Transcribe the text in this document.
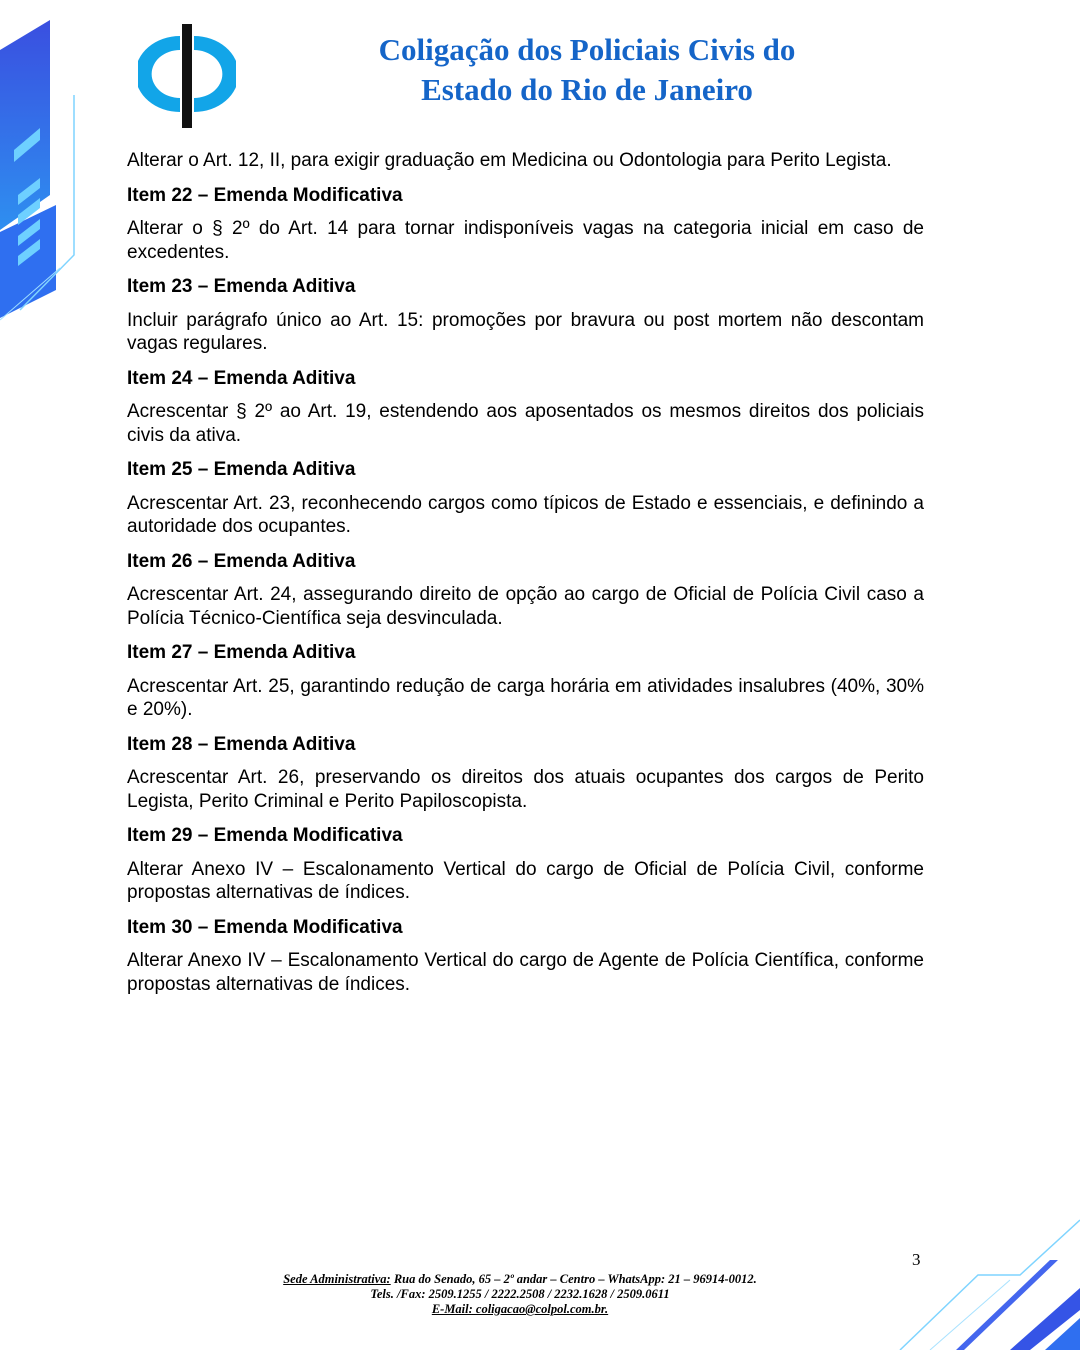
Coligação dos Policiais Civis do
Estado do Rio de Janeiro

Alterar o Art. 12, II, para exigir graduação em Medicina ou Odontologia para Perito Legista.

Item 22 – Emenda Modificativa

Alterar o § 2º do Art. 14 para tornar indisponíveis vagas na categoria inicial em caso de excedentes.

Item 23 – Emenda Aditiva

Incluir parágrafo único ao Art. 15: promoções por bravura ou post mortem não descontam vagas regulares.

Item 24 – Emenda Aditiva

Acrescentar § 2º ao Art. 19, estendendo aos aposentados os mesmos direitos dos policiais civis da ativa.

Item 25 – Emenda Aditiva

Acrescentar Art. 23, reconhecendo cargos como típicos de Estado e essenciais, e definindo a autoridade dos ocupantes.

Item 26 – Emenda Aditiva

Acrescentar Art. 24, assegurando direito de opção ao cargo de Oficial de Polícia Civil caso a Polícia Técnico-Científica seja desvinculada.

Item 27 – Emenda Aditiva

Acrescentar Art. 25, garantindo redução de carga horária em atividades insalubres (40%, 30% e 20%).

Item 28 – Emenda Aditiva

Acrescentar Art. 26, preservando os direitos dos atuais ocupantes dos cargos de Perito Legista, Perito Criminal e Perito Papiloscopista.

Item 29 – Emenda Modificativa

Alterar Anexo IV – Escalonamento Vertical do cargo de Oficial de Polícia Civil, conforme propostas alternativas de índices.

Item 30 – Emenda Modificativa

Alterar Anexo IV – Escalonamento Vertical do cargo de Agente de Polícia Científica, conforme propostas alternativas de índices.

3
Sede Administrativa: Rua do Senado, 65 – 2º andar – Centro – WhatsApp: 21 – 96914-0012.
Tels. /Fax: 2509.1255 / 2222.2508 / 2232.1628 / 2509.0611
E-Mail: coligacao@colpol.com.br.
